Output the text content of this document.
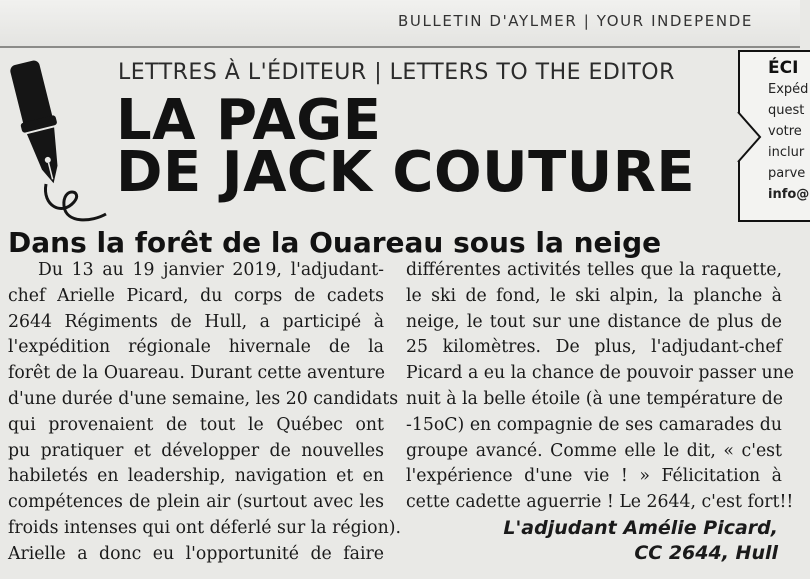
BULLETIN D'AYLMER | YOUR INDEPENDE
LETTRES À L'ÉDITEUR | LETTERS TO THE EDITOR
LA PAGE
DE JACK COUTURE
ÉCI
Expéd
quest
votre
inclur
parve
info@
Dans la forêt de la Ouareau sous la neige
Du 13 au 19 janvier 2019, l'adjudant-
chef Arielle Picard, du corps de cadets
2644 Régiments de Hull, a participé à
l'expédition régionale hivernale de la
forêt de la Ouareau. Durant cette aventure
d'une durée d'une semaine, les 20 candidats
qui provenaient de tout le Québec ont
pu pratiquer et développer de nouvelles
habiletés en leadership, navigation et en
compétences de plein air (surtout avec les
froids intenses qui ont déferlé sur la région).
Arielle a donc eu l'opportunité de faire
différentes activités telles que la raquette,
le ski de fond, le ski alpin, la planche à
neige, le tout sur une distance de plus de
25 kilomètres. De plus, l'adjudant-chef
Picard a eu la chance de pouvoir passer une
nuit à la belle étoile (à une température de
-15oC) en compagnie de ses camarades du
groupe avancé. Comme elle le dit, « c'est
l'expérience d'une vie ! » Félicitation à
cette cadette aguerrie ! Le 2644, c'est fort!!
L'adjudant Amélie Picard,
CC 2644, Hull
